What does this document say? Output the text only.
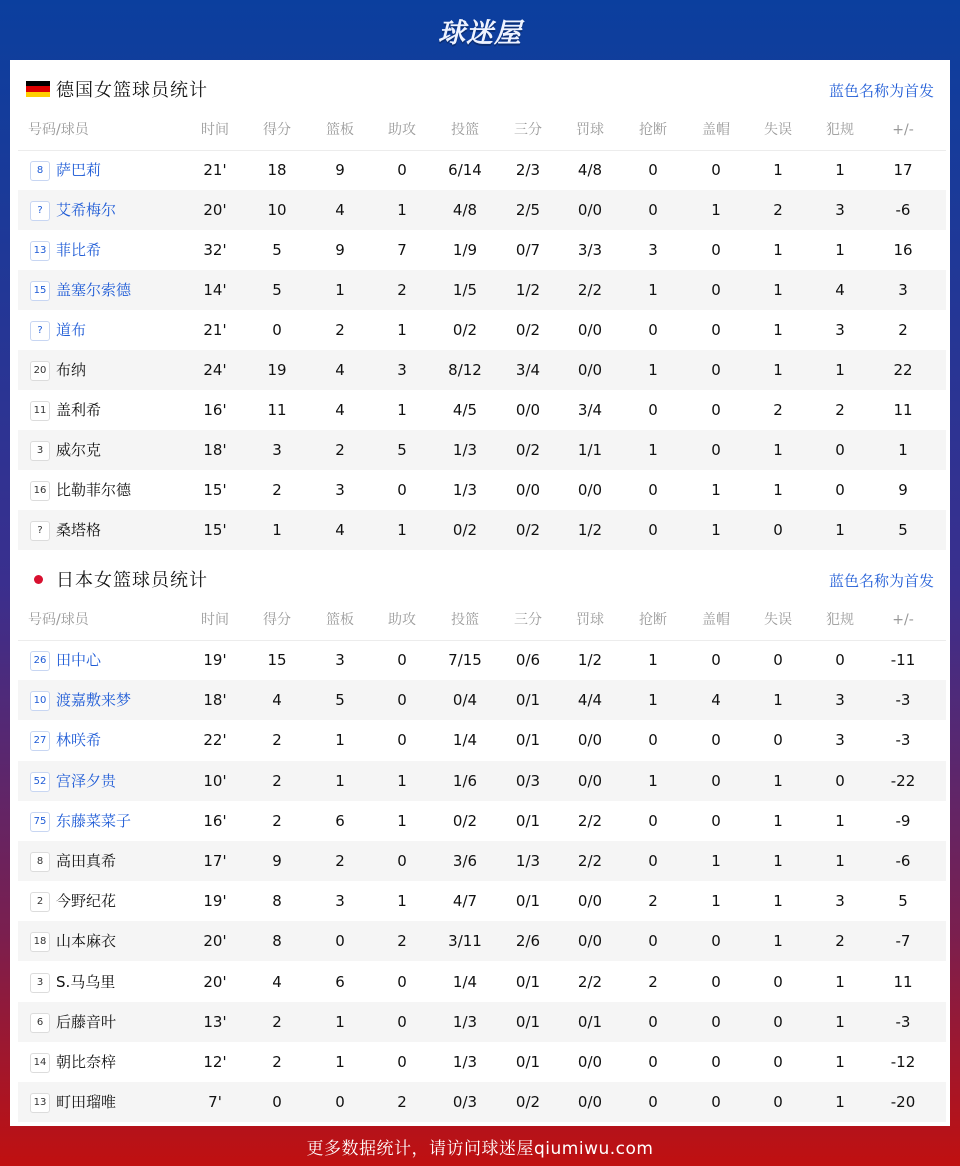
球迷屋
德国女篮球员统计	蓝色名称为首发
日本女篮球员统计	蓝色名称为首发
号码/球员	时间	得分	篮板	助攻	投篮	三分	罚球	抢断	盖帽	失误	犯规	+/-
8 萨巴莉	21'	18	9	0	6/14	2/3	4/8	0	0	1	1	17
? 艾希梅尔	20'	10	4	1	4/8	2/5	0/0	0	1	2	3	-6
13 菲比希	32'	5	9	7	1/9	0/7	3/3	3	0	1	1	16
15 盖塞尔索德	14'	5	1	2	1/5	1/2	2/2	1	0	1	4	3
? 道布	21'	0	2	1	0/2	0/2	0/0	0	0	1	3	2
20 布纳	24'	19	4	3	8/12	3/4	0/0	1	0	1	1	22
11 盖利希	16'	11	4	1	4/5	0/0	3/4	0	0	2	2	11
3 威尔克	18'	3	2	5	1/3	0/2	1/1	1	0	1	0	1
16 比勒菲尔德	15'	2	3	0	1/3	0/0	0/0	0	1	1	0	9
? 桑塔格	15'	1	4	1	0/2	0/2	1/2	0	1	0	1	5
号码/球员	时间	得分	篮板	助攻	投篮	三分	罚球	抢断	盖帽	失误	犯规	+/-
26 田中心	19'	15	3	0	7/15	0/6	1/2	1	0	0	0	-11
10 渡嘉敷来梦	18'	4	5	0	0/4	0/1	4/4	1	4	1	3	-3
27 林咲希	22'	2	1	0	1/4	0/1	0/0	0	0	0	3	-3
52 宫泽夕贵	10'	2	1	1	1/6	0/3	0/0	1	0	1	0	-22
75 东藤菜菜子	16'	2	6	1	0/2	0/1	2/2	0	0	1	1	-9
8 高田真希	17'	9	2	0	3/6	1/3	2/2	0	1	1	1	-6
2 今野纪花	19'	8	3	1	4/7	0/1	0/0	2	1	1	3	5
18 山本麻衣	20'	8	0	2	3/11	2/6	0/0	0	0	1	2	-7
3 S.马乌里	20'	4	6	0	1/4	0/1	2/2	2	0	0	1	11
6 后藤音叶	13'	2	1	0	1/3	0/1	0/1	0	0	0	1	-3
14 朝比奈梓	12'	2	1	0	1/3	0/1	0/0	0	0	0	1	-12
13 町田瑠唯	7'	0	0	2	0/3	0/2	0/0	0	0	0	1	-20
更多数据统计，请访问球迷屋qiumiwu.com
